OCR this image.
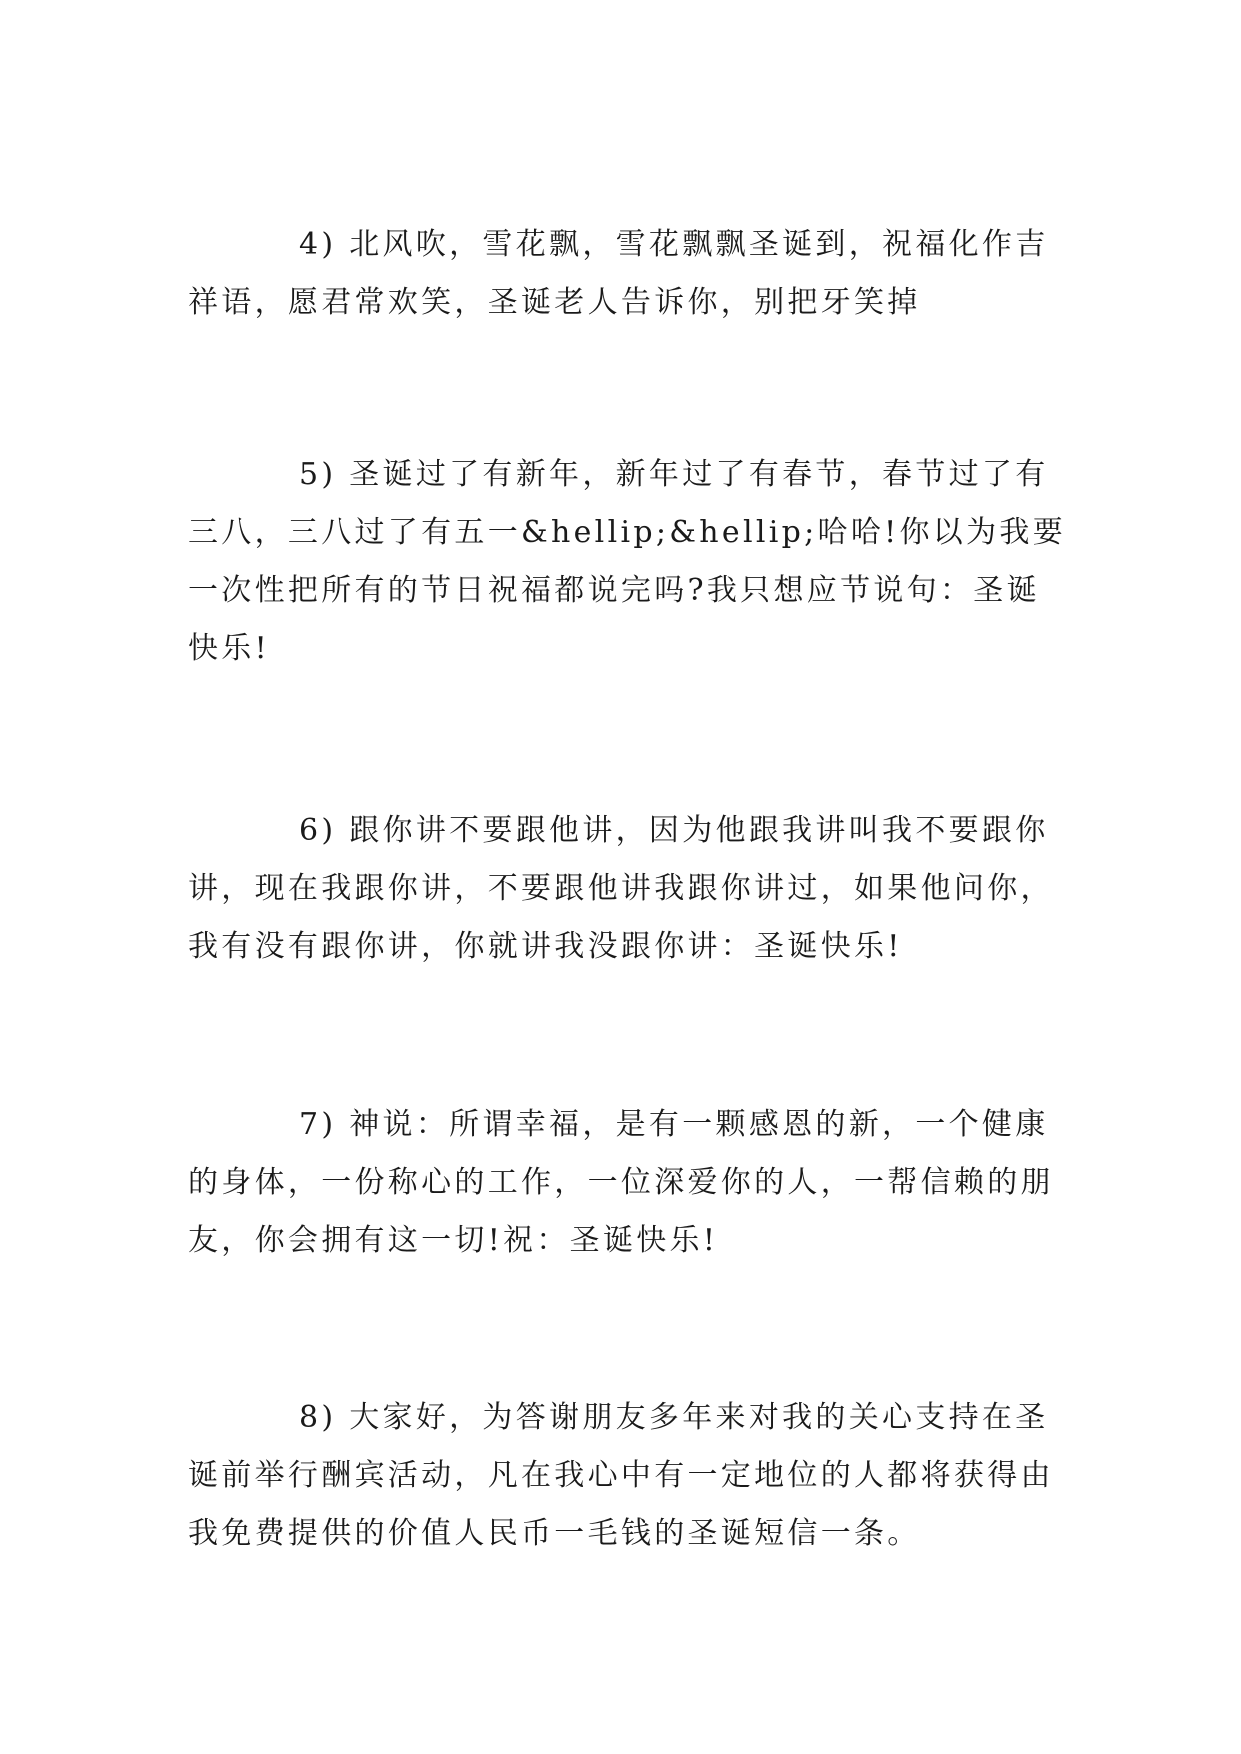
4) 北风吹，雪花飘，雪花飘飘圣诞到，祝福化作吉祥语，愿君常欢笑，圣诞老人告诉你，别把牙笑掉

5) 圣诞过了有新年，新年过了有春节，春节过了有三八，三八过了有五一&hellip;&hellip;哈哈!你以为我要一次性把所有的节日祝福都说完吗?我只想应节说句：圣诞快乐!

6) 跟你讲不要跟他讲，因为他跟我讲叫我不要跟你讲，现在我跟你讲，不要跟他讲我跟你讲过，如果他问你，我有没有跟你讲，你就讲我没跟你讲：圣诞快乐!

7) 神说：所谓幸福，是有一颗感恩的新，一个健康的身体，一份称心的工作，一位深爱你的人，一帮信赖的朋友，你会拥有这一切!祝：圣诞快乐!

8) 大家好，为答谢朋友多年来对我的关心支持在圣诞前举行酬宾活动，凡在我心中有一定地位的人都将获得由我免费提供的价值人民币一毛钱的圣诞短信一条。
